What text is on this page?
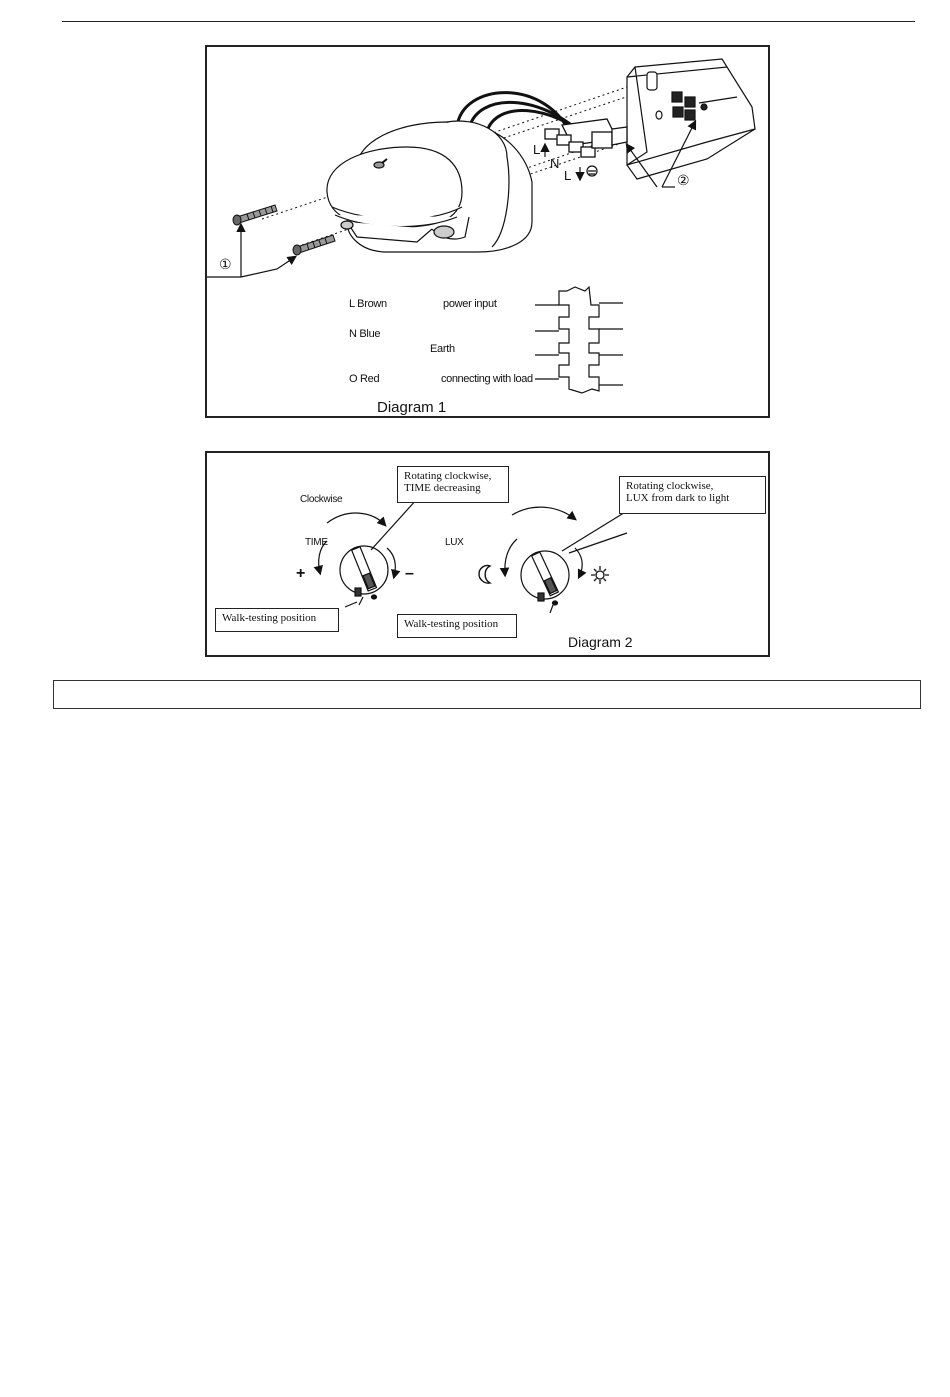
①
②
L
N
L
L Brown	power input
N Blue
Earth
O Red	connecting with load
Diagram 1
Clockwise
TIME
+	–
LUX
Rotating clockwise,
TIME decreasing	Rotating clockwise,
LUX from dark to light
Walk-testing position	Walk-testing position
Diagram 2
